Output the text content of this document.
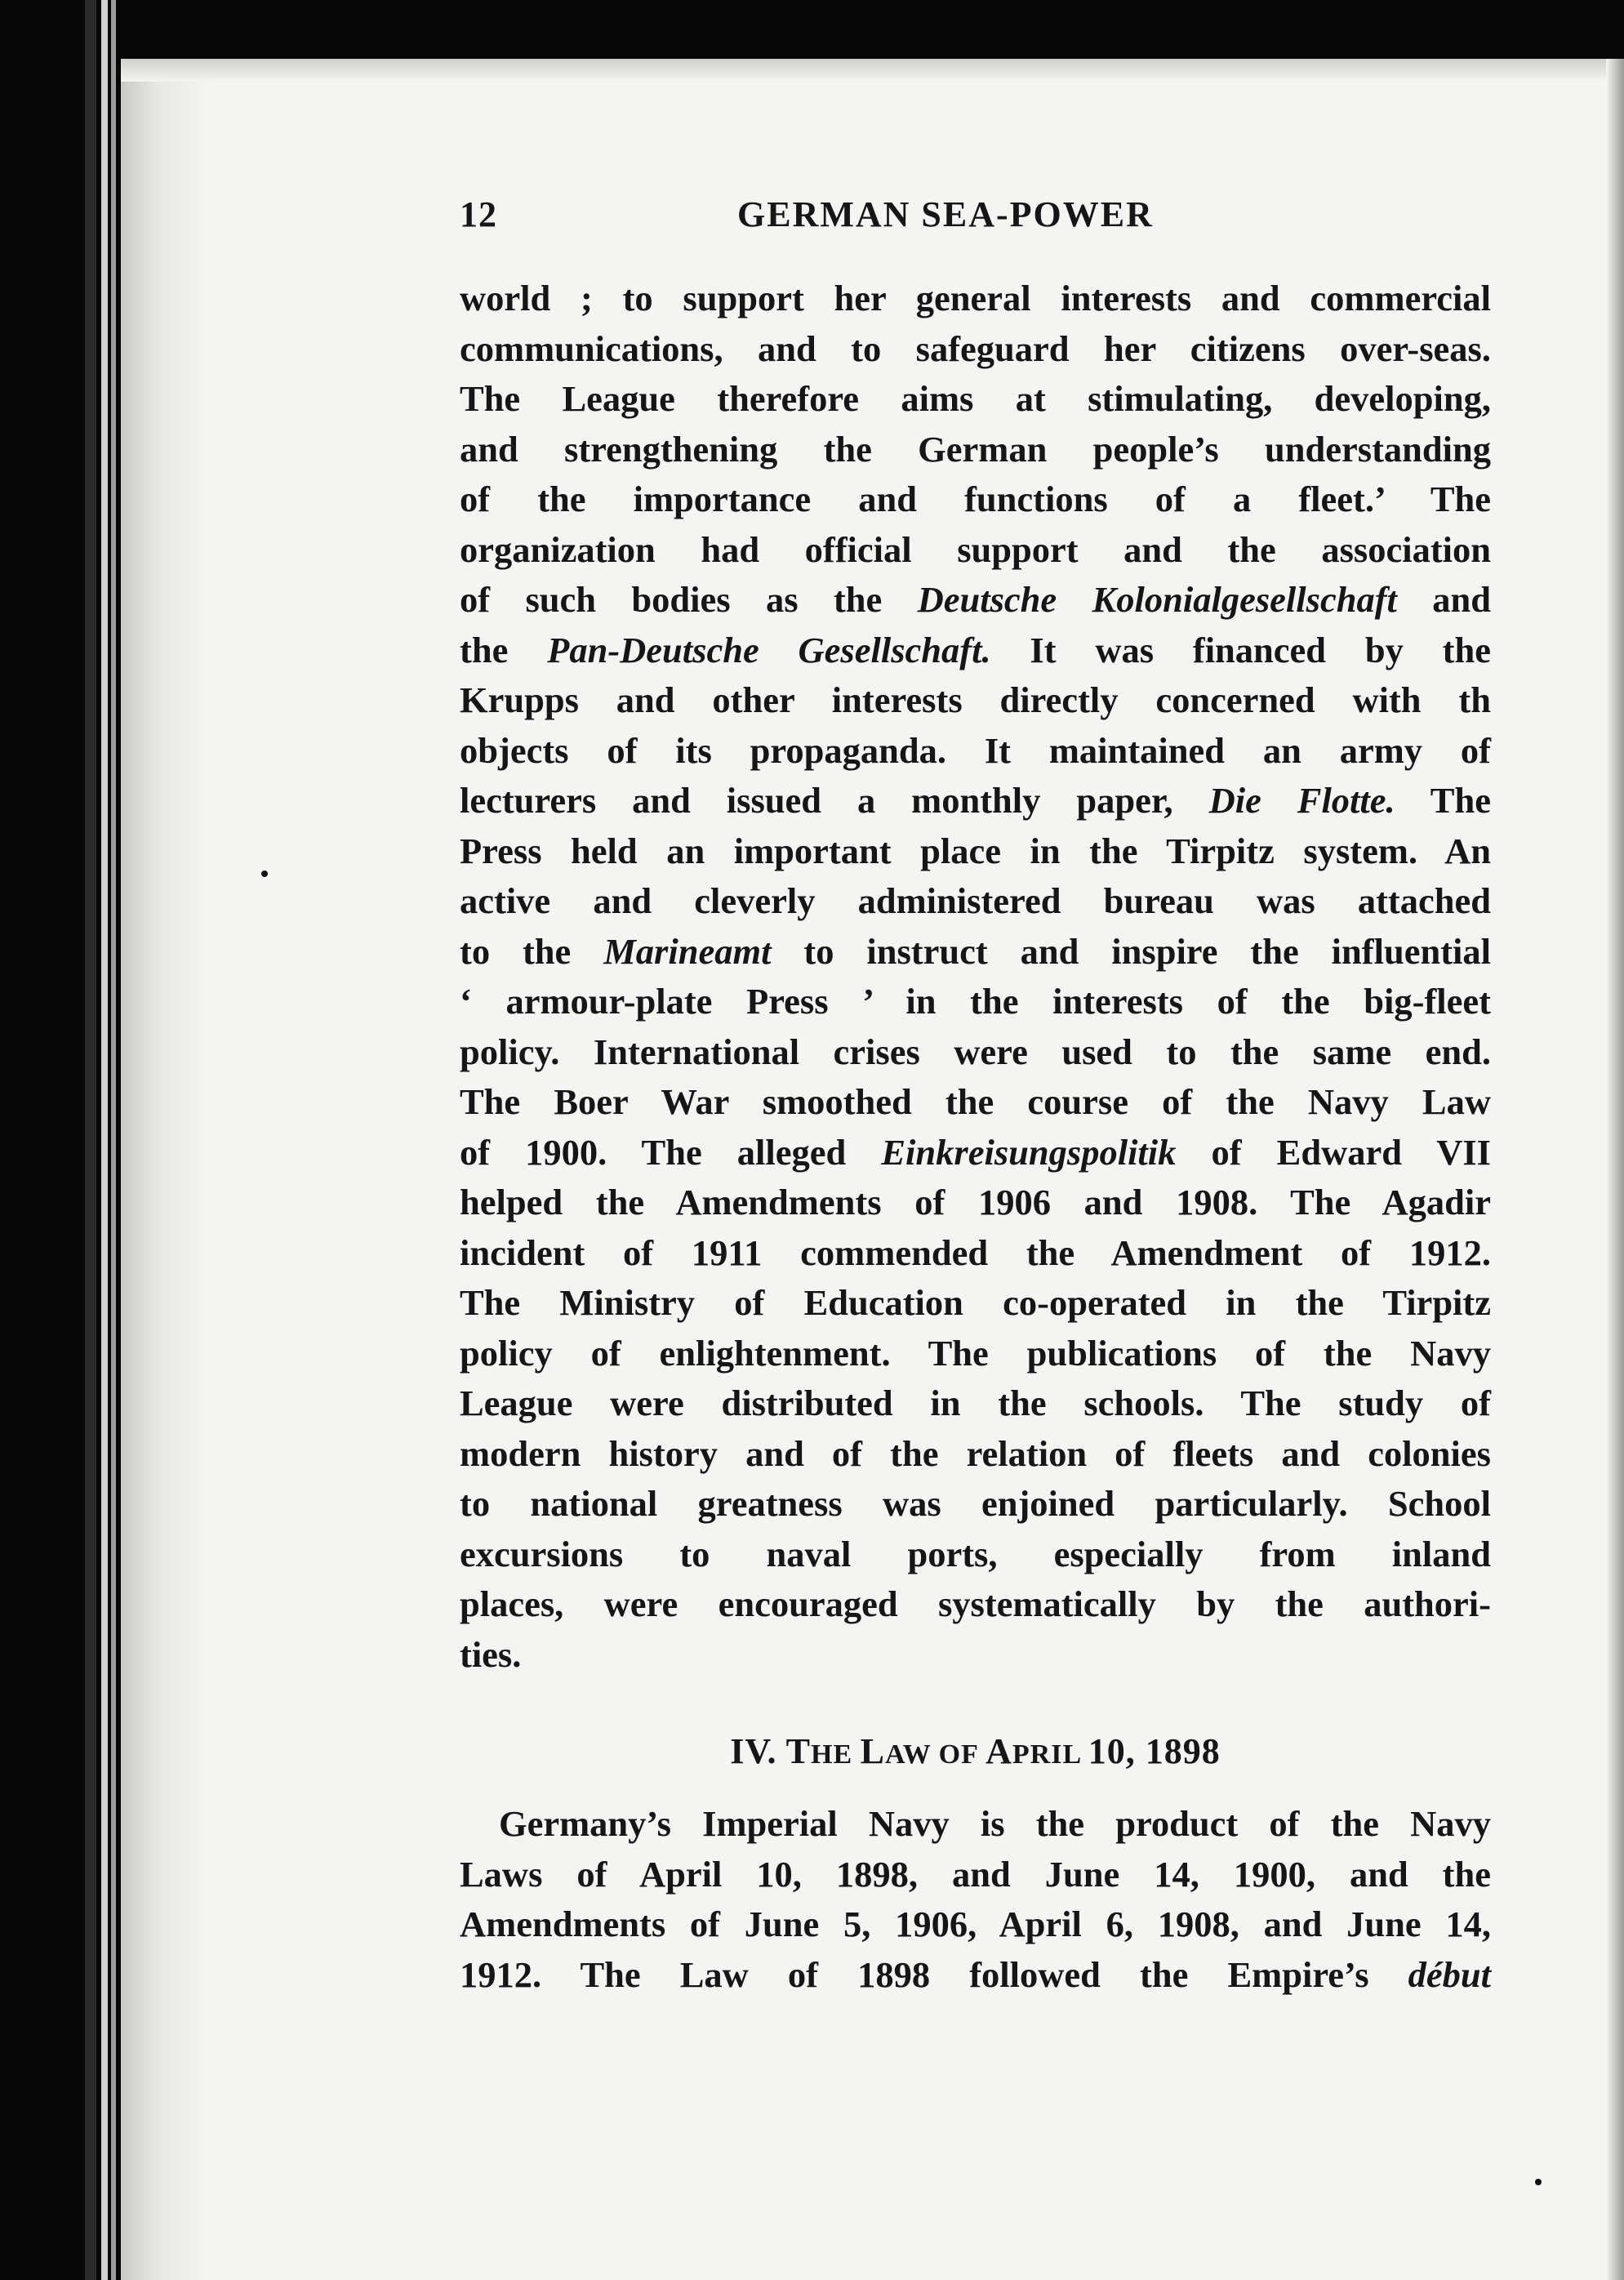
12	GERMAN SEA-POWER
world ; to support her general interests and commercial
communications, and to safeguard her citizens over-seas.
The League therefore aims at stimulating, developing,
and strengthening the German people’s understanding
of the importance and functions of a fleet.’ The
organization had official support and the association
of such bodies as the Deutsche Kolonialgesellschaft and
the Pan-Deutsche Gesellschaft. It was financed by the
Krupps and other interests directly concerned with th
objects of its propaganda. It maintained an army of
lecturers and issued a monthly paper, Die Flotte. The
Press held an important place in the Tirpitz system. An
active and cleverly administered bureau was attached
to the Marineamt to instruct and inspire the influential
‘ armour-plate Press ’ in the interests of the big-fleet
policy. International crises were used to the same end.
The Boer War smoothed the course of the Navy Law
of 1900. The alleged Einkreisungspolitik of Edward VII
helped the Amendments of 1906 and 1908. The Agadir
incident of 1911 commended the Amendment of 1912.
The Ministry of Education co-operated in the Tirpitz
policy of enlightenment. The publications of the Navy
League were distributed in the schools. The study of
modern history and of the relation of fleets and colonies
to national greatness was enjoined particularly. School
excursions to naval ports, especially from inland
places, were encouraged systematically by the authori-
ties.
IV. THE LAW OF APRIL 10, 1898
Germany’s Imperial Navy is the product of the Navy
Laws of April 10, 1898, and June 14, 1900, and the
Amendments of June 5, 1906, April 6, 1908, and June 14,
1912. The Law of 1898 followed the Empire’s début
